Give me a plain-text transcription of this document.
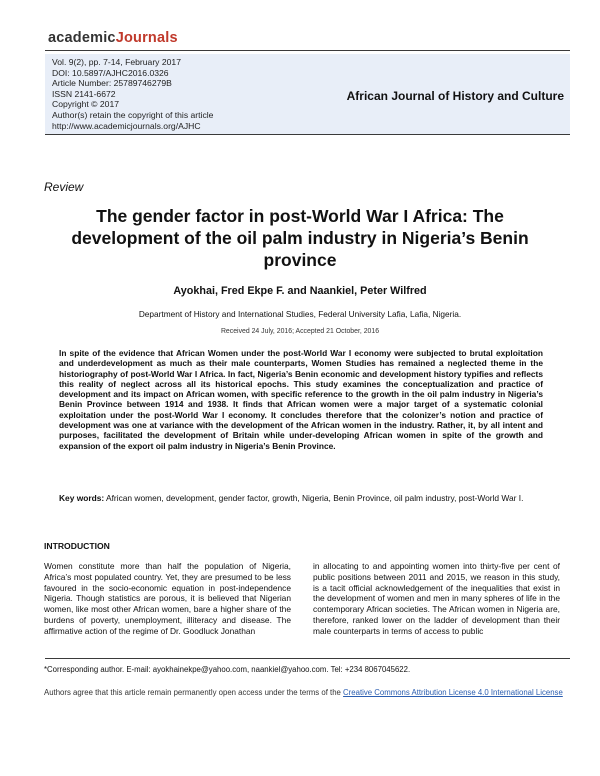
academicJournals
Vol. 9(2), pp. 7-14, February 2017
DOI: 10.5897/AJHC2016.0326
Article Number: 25789746279B
ISSN 2141-6672
Copyright © 2017
Author(s) retain the copyright of this article
http://www.academicjournals.org/AJHC
African Journal of History and Culture
Review
The gender factor in post-World War I Africa: The development of the oil palm industry in Nigeria’s Benin province
Ayokhai, Fred Ekpe F. and Naankiel, Peter Wilfred
Department of History and International Studies, Federal University Lafia, Lafia, Nigeria.
Received 24 July, 2016; Accepted 21 October, 2016
In spite of the evidence that African Women under the post-World War I economy were subjected to brutal exploitation and underdevelopment as much as their male counterparts, Women Studies has remained a neglected theme in the historiography of post-World War I Africa. In fact, Nigeria’s Benin economic and development history typifies and reflects this reality of neglect across all its historical epochs. This study examines the conceptualization and practice of development and its impact on African women, with specific reference to the growth in the oil palm industry in Nigeria’s Benin Province between 1914 and 1938. It finds that African women were a major target of a systematic colonial exploitation under the post-World War I economy. It concludes therefore that the colonizer’s notion and practice of development was one at variance with the development of the African women in the industry. Rather, it, by all intent and purposes, facilitated the development of Britain while under-developing African women in spite of the growth and expansion of the export oil palm industry in Nigeria’s Benin Province.
Key words: African women, development, gender factor, growth, Nigeria, Benin Province, oil palm industry, post-World War I.
INTRODUCTION
Women constitute more than half the population of Nigeria, Africa’s most populated country. Yet, they are presumed to be less favoured in the socio-economic equation in post-independence Nigeria. Though statistics are porous, it is believed that Nigerian women, like most other African women, bare a higher share of the burdens of poverty, unemployment, illiteracy and disease. The affirmative action of the regime of Dr. Goodluck Jonathan
in allocating to and appointing women into thirty-five per cent of public positions between 2011 and 2015, we reason in this study, is a tacit official acknowledgement of the inequalities that exist in the development of women and men in many spheres of life in the contemporary African societies. The African women in Nigeria are, therefore, ranked lower on the ladder of development than their male counterparts in terms of access to public
*Corresponding author. E-mail: ayokhainekpe@yahoo.com, naankiel@yahoo.com. Tel: +234 8067045622.
Authors agree that this article remain permanently open access under the terms of the Creative Commons Attribution License 4.0 International License
